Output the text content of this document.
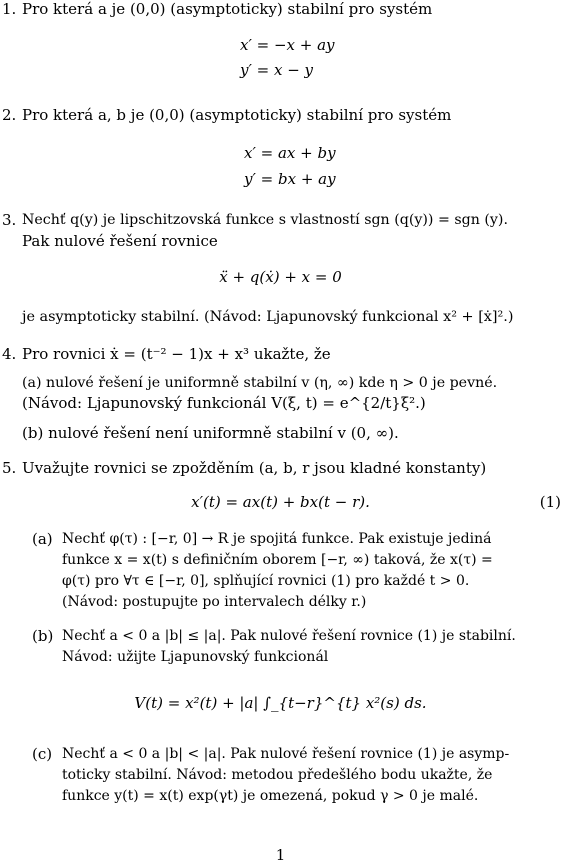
1. Pro která a je (0,0) (asymptoticky) stabilní pro systém
x′ = −x + ay
y′ = x − y
2. Pro která a, b je (0,0) (asymptoticky) stabilní pro systém
x′ = ax + by
y′ = bx + ay
3. Nechť q(y) je lipschitzovská funkce s vlastností sgn (q(y)) = sgn (y).
Pak nulové řešení rovnice
ẍ + q(ẋ) + x = 0
je asymptoticky stabilní. (Návod: Ljapunovský funkcional x² + [ẋ]².)
4. Pro rovnici ẋ = (t⁻² − 1)x + x³ ukažte, že
(a) nulové řešení je uniformně stabilní v (η, ∞) kde η > 0 je pevné.
(Návod: Ljapunovský funkcionál V(ξ, t) = e^{2/t}ξ².)
(b) nulové řešení není uniformně stabilní v (0, ∞).
5. Uvažujte rovnici se zpožděním (a, b, r jsou kladné konstanty)
x′(t) = ax(t) + bx(t − r).	(1)
(a) Nechť φ(τ) : [−r, 0] → R je spojitá funkce. Pak existuje jediná
funkce x = x(t) s definičním oborem [−r, ∞) taková, že x(τ) =
φ(τ) pro ∀τ ∈ [−r, 0], splňující rovnici (1) pro každé t > 0.
(Návod: postupujte po intervalech délky r.)
(b) Nechť a < 0 a |b| ≤ |a|. Pak nulové řešení rovnice (1) je stabilní.
Návod: užijte Ljapunovský funkcionál
V(t) = x²(t) + |a| ∫_{t−r}^{t} x²(s) ds.
(c) Nechť a < 0 a |b| < |a|. Pak nulové řešení rovnice (1) je asymp-
toticky stabilní. Návod: metodou předešlého bodu ukažte, že
funkce y(t) = x(t) exp(γt) je omezená, pokud γ > 0 je malé.
1
